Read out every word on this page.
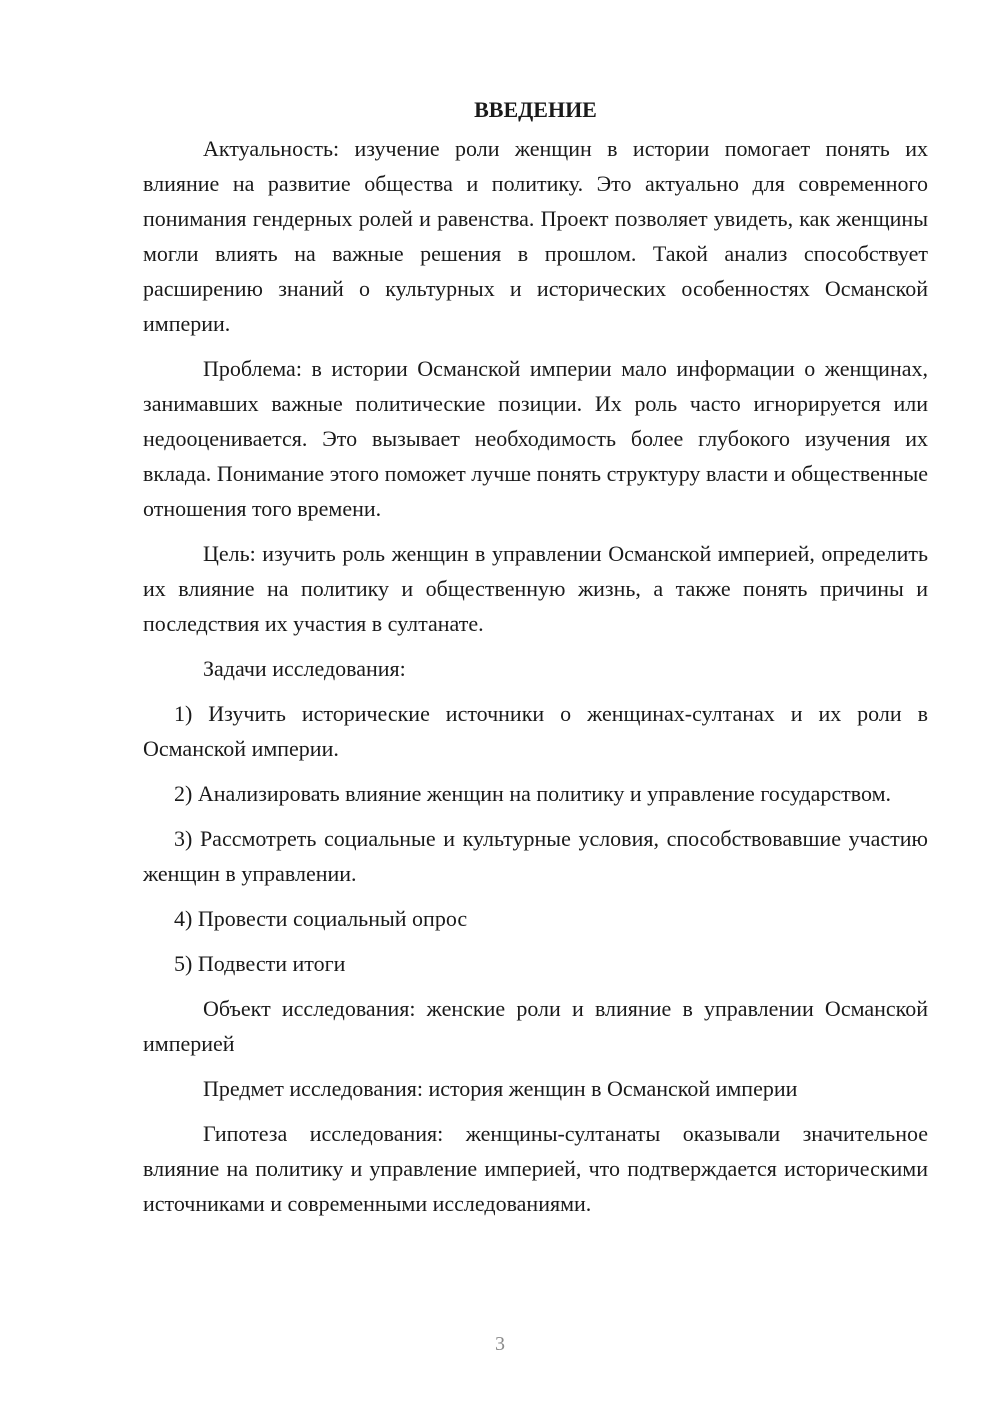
ВВЕДЕНИЕ

Актуальность: изучение роли женщин в истории помогает понять их влияние на развитие общества и политику. Это актуально для современного понимания гендерных ролей и равенства. Проект позволяет увидеть, как женщины могли влиять на важные решения в прошлом. Такой анализ способствует расширению знаний о культурных и исторических особенностях Османской империи.

Проблема: в истории Османской империи мало информации о женщинах, занимавших важные политические позиции. Их роль часто игнорируется или недооценивается. Это вызывает необходимость более глубокого изучения их вклада. Понимание этого поможет лучше понять структуру власти и общественные отношения того времени.

Цель: изучить роль женщин в управлении Османской империей, определить их влияние на политику и общественную жизнь, а также понять причины и последствия их участия в султанате.

Задачи исследования:

1) Изучить исторические источники о женщинах-султанах и их роли в Османской империи.

2) Анализировать влияние женщин на политику и управление государством.

3) Рассмотреть социальные и культурные условия, способствовавшие участию женщин в управлении.

4) Провести социальный опрос

5) Подвести итоги

Объект исследования: женские роли и влияние в управлении Османской империей

Предмет исследования: история женщин в Османской империи

Гипотеза исследования: женщины-султанаты оказывали значительное влияние на политику и управление империей, что подтверждается историческими источниками и современными исследованиями.

3
